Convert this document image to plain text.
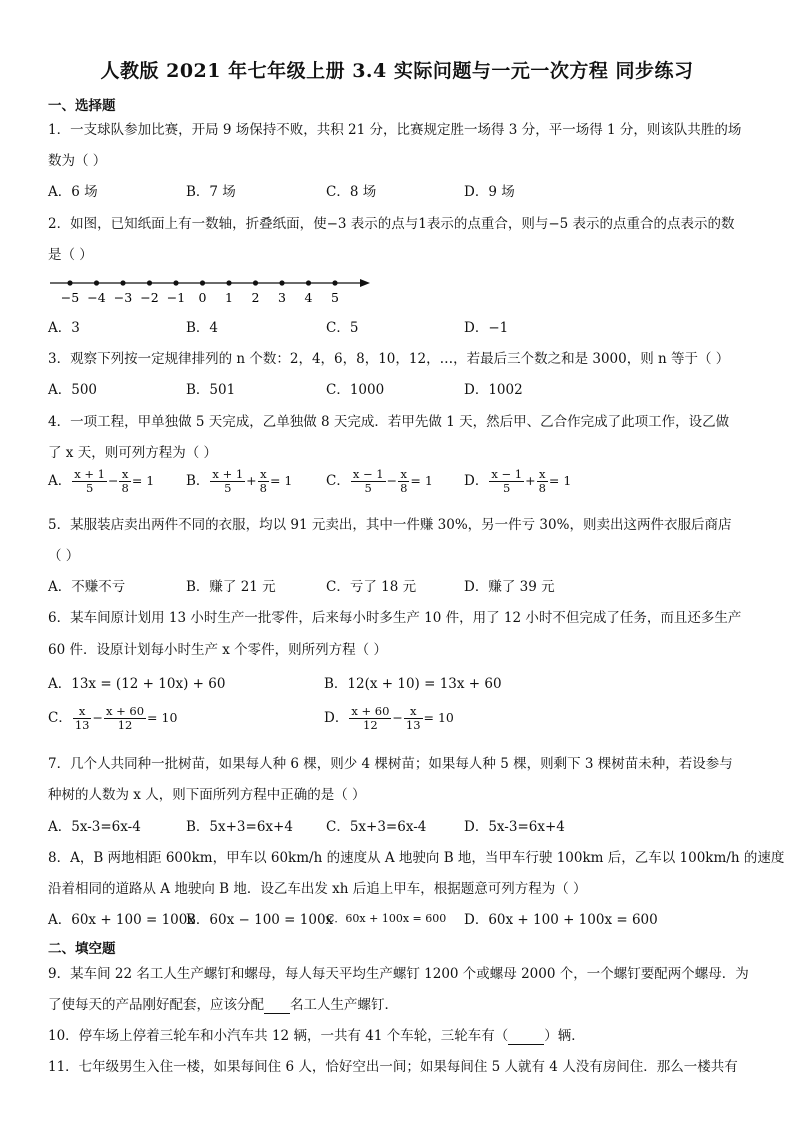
人教版 2021 年七年级上册 3.4 实际问题与一元一次方程 同步练习
一、选择题
1．一支球队参加比赛，开局 9 场保持不败，共积 21 分，比赛规定胜一场得 3 分，平一场得 1 分，则该队共胜的场
数为（ ）
A．6 场	B．7 场	C．8 场	D．9 场
2．如图，已知纸面上有一数轴，折叠纸面，使−3 表示的点与1表示的点重合，则与−5 表示的点重合的点表示的数
是（ ）
−5 −4 −3 −2 −1 0 1 2 3 4 5
A．3	B．4	C．5	D．−1
3．观察下列按一定规律排列的 n 个数：2，4，6，8，10，12，…，若最后三个数之和是 3000，则 n 等于（ ）
A．500	B．501	C．1000	D．1002
4．一项工程，甲单独做 5 天完成，乙单独做 8 天完成．若甲先做 1 天，然后甲、乙合作完成了此项工作，设乙做
了 x 天，则可列方程为（ ）
A． $\frac{x + 1}{5} - \frac{x}{8} = 1$ B． $\frac{x + 1}{5} + \frac{x}{8} = 1$ C． $\frac{x - 1}{5} - \frac{x}{8} = 1$ D． $\frac{x - 1}{5} + \frac{x}{8} = 1$
5．某服装店卖出两件不同的衣服，均以 91 元卖出，其中一件赚 30%，另一件亏 30%，则卖出这两件衣服后商店
（ ）
A．不赚不亏	B．赚了 21 元	C．亏了 18 元	D．赚了 39 元
6．某车间原计划用 13 小时生产一批零件，后来每小时多生产 10 件，用了 12 小时不但完成了任务，而且还多生产
60 件．设原计划每小时生产 x 个零件，则所列方程（ ）
A．13x = (12 + 10x) + 60	B．12(x + 10) = 13x + 60
C． $\frac{x}{13} - \frac{x + 60}{12} = 10$	D． $\frac{x + 60}{12} - \frac{x}{13} = 10$
7．几个人共同种一批树苗，如果每人种 6 棵，则少 4 棵树苗；如果每人种 5 棵，则剩下 3 棵树苗未种，若设参与
种树的人数为 x 人，则下面所列方程中正确的是（ ）
A．5x-3=6x-4	B．5x+3=6x+4 C．5x+3=6x-4	D．5x-3=6x+4
8．A，B 两地相距 600km，甲车以 60km/h 的速度从 A 地驶向 B 地，当甲车行驶 100km 后，乙车以 100km/h 的速度
沿着相同的道路从 A 地驶向 B 地．设乙车出发 xh 后追上甲车，根据题意可列方程为（ ）
A．60x + 100 = 100x
B．60x − 100 = 100x
C．60x + 100x = 600 D．60x + 100 + 100x = 600
二、填空题
9．某车间 22 名工人生产螺钉和螺母，每人每天平均生产螺钉 1200 个或螺母 2000 个，一个螺钉要配两个螺母．为
了使每天的产品刚好配套，应该分配 名工人生产螺钉．
10．停车场上停着三轮车和小汽车共 12 辆，一共有 41 个车轮，三轮车有（	）辆．
11．七年级男生入住一楼，如果每间住 6 人，恰好空出一间；如果每间住 5 人就有 4 人没有房间住．那么一楼共有
